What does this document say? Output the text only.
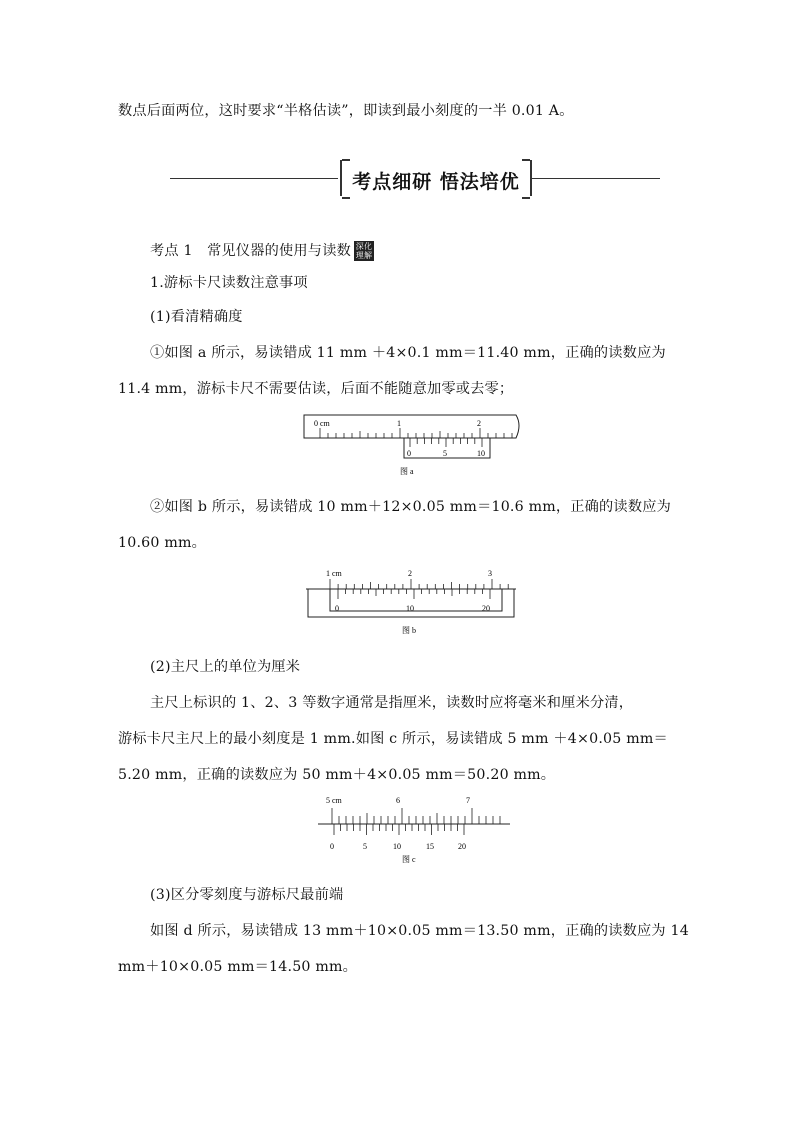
数点后面两位，这时要求“半格估读”，即读到最小刻度的一半 0.01 A。
考点细研 悟法培优
考点 1　常见仪器的使用与读数 深化
理解
1.游标卡尺读数注意事项
(1)看清精确度
①如图 a 所示，易读错成 11 mm ＋4×0.1 mm＝11.40 mm，正确的读数应为
11.4 mm，游标卡尺不需要估读，后面不能随意加零或去零；
0 cm	1	2
0	5	10
图 a
②如图 b 所示，易读错成 10 mm＋12×0.05 mm＝10.6 mm，正确的读数应为
10.60 mm。
1 cm	2	3
0	10	20
图 b
(2)主尺上的单位为厘米
主尺上标识的 1、2、3 等数字通常是指厘米，读数时应将毫米和厘米分清，
游标卡尺主尺上的最小刻度是 1 mm.如图 c 所示，易读错成 5 mm ＋4×0.05 mm＝
5.20 mm，正确的读数应为 50 mm＋4×0.05 mm＝50.20 mm。
5 cm	6	7
0	5	10	15	20
图 c
(3)区分零刻度与游标尺最前端
如图 d 所示，易读错成 13 mm＋10×0.05 mm＝13.50 mm，正确的读数应为 14
mm＋10×0.05 mm＝14.50 mm。
